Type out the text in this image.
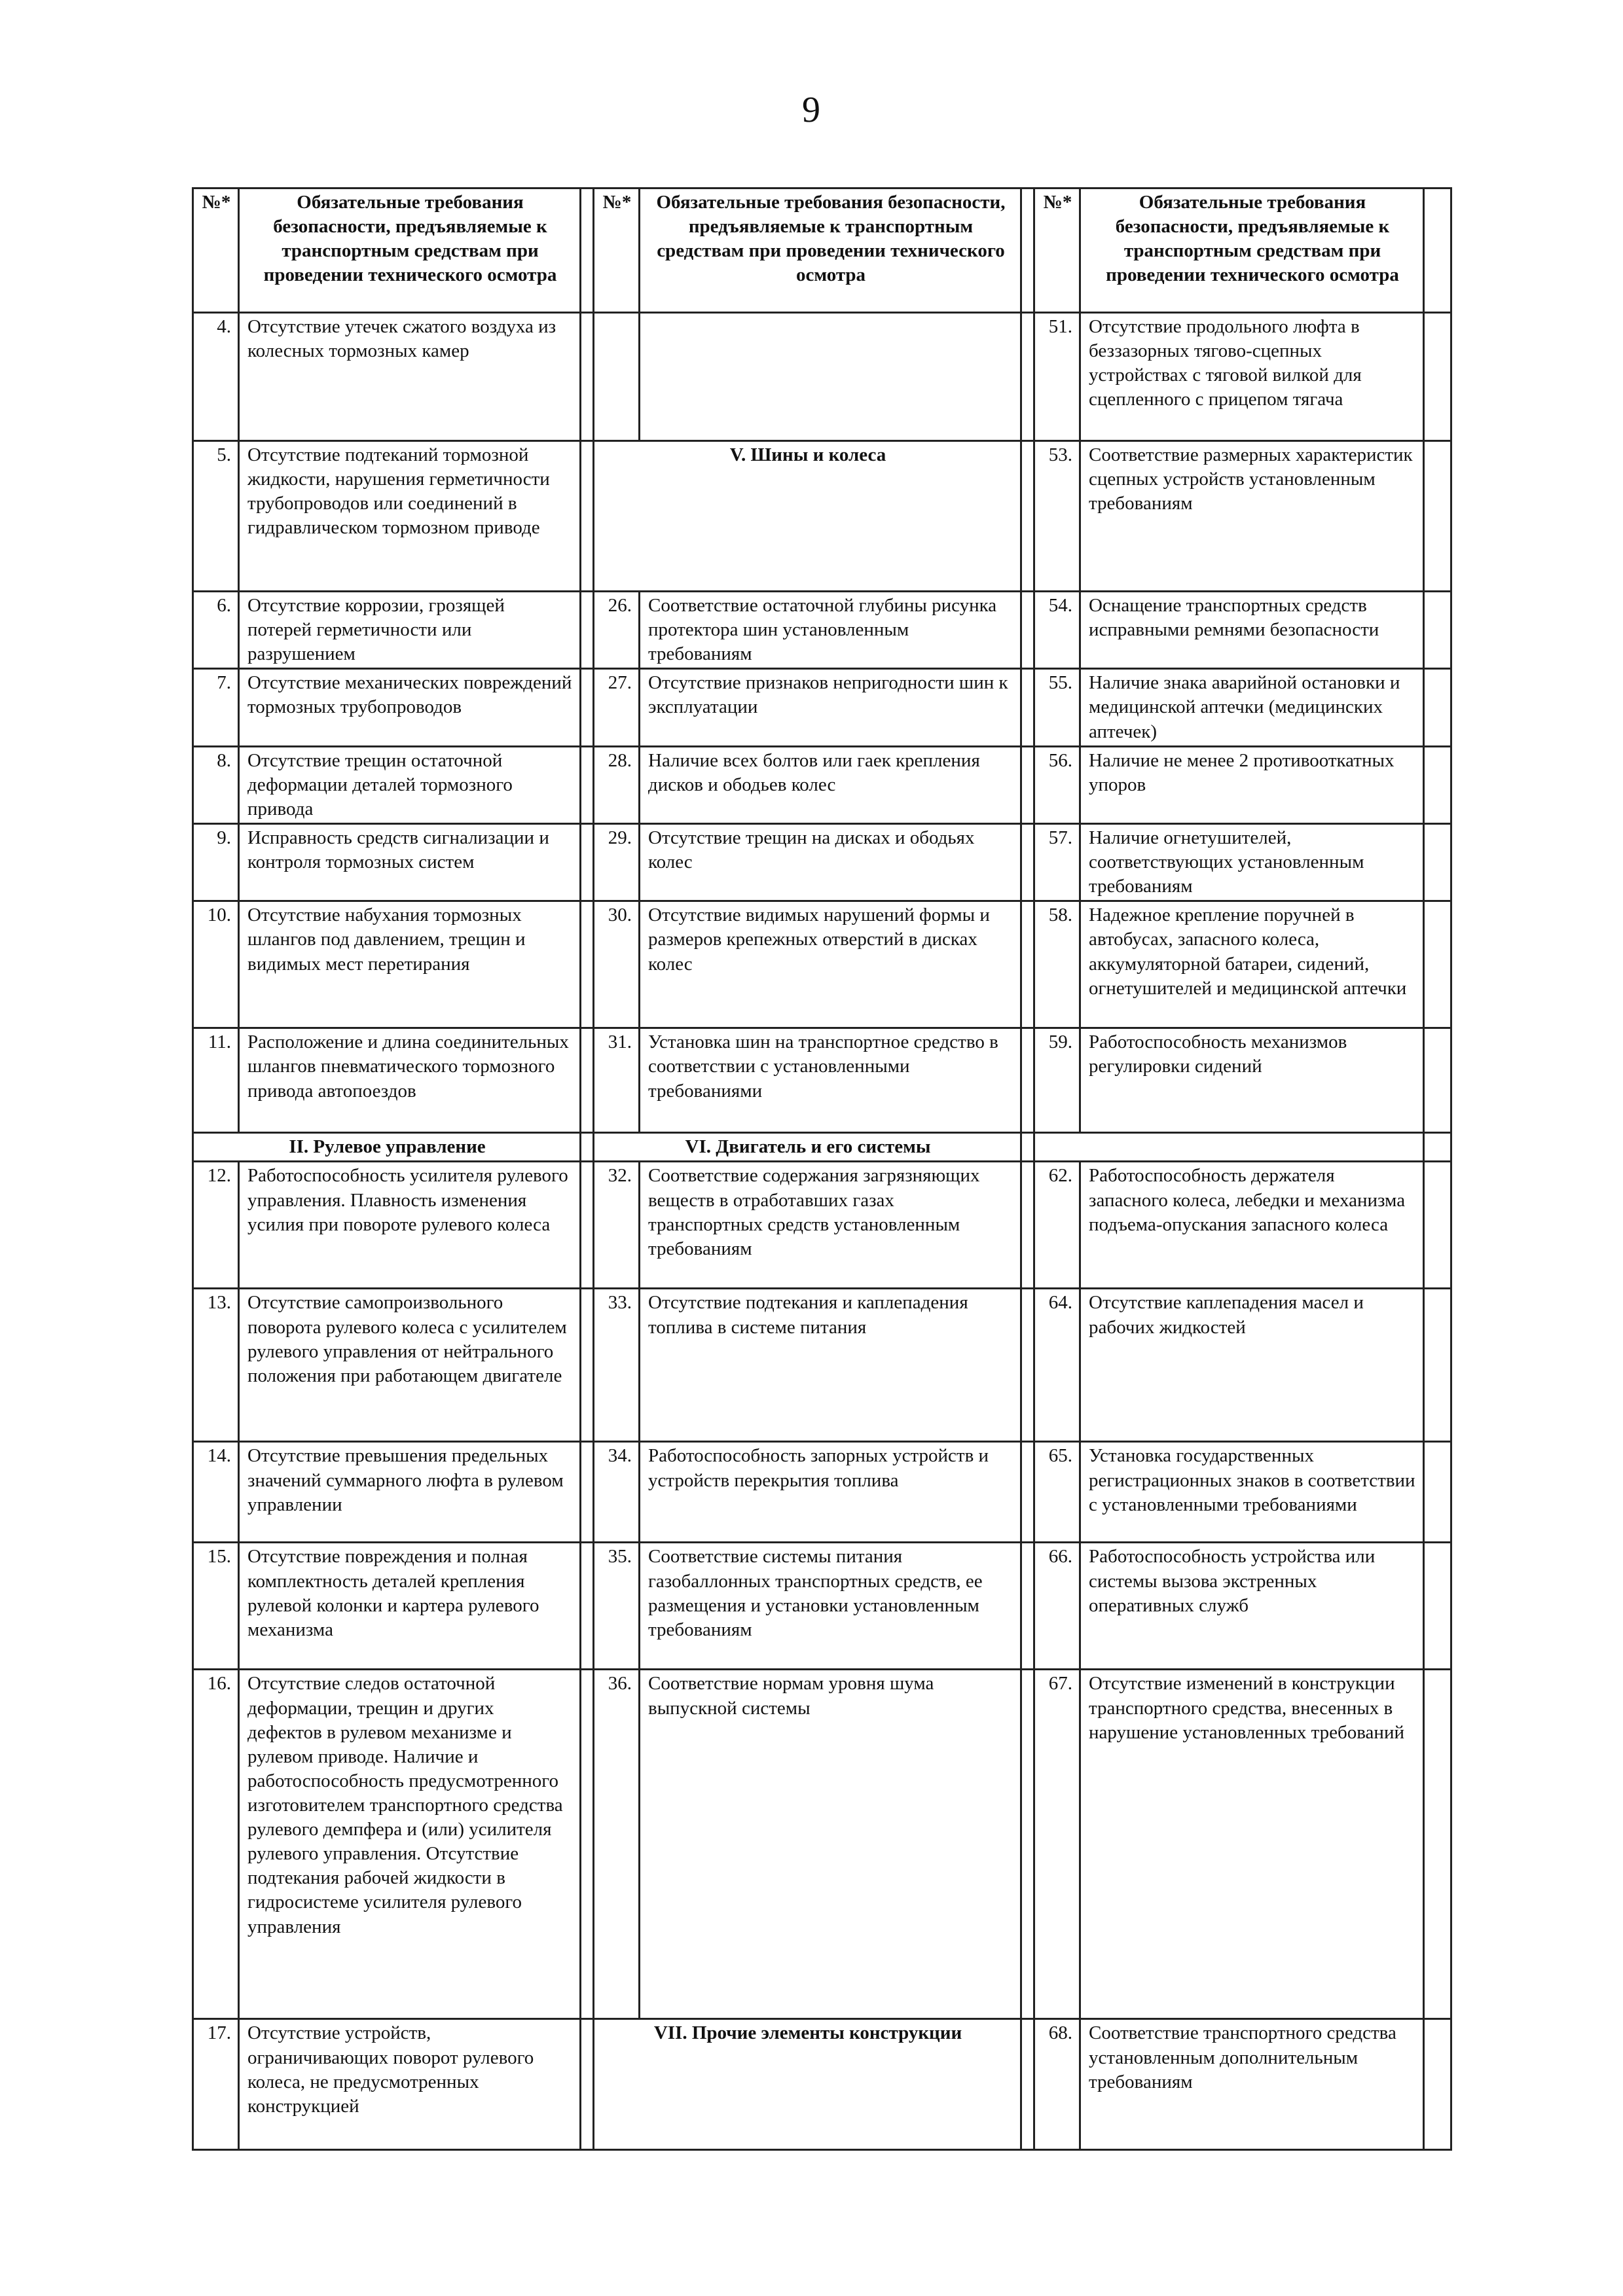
9
№*	Обязательные требования безопасности, предъявляемые к транспортным средствам при проведении технического осмотра		№*	Обязательные требования безопасности, предъявляемые к транспортным средствам при проведении технического осмотра		№*	Обязательные требования безопасности, предъявляемые к транспортным средствам при проведении технического осмотра	
4.	Отсутствие утечек сжатого воздуха из колесных тормозных камер					51.	Отсутствие продольного люфта в беззазорных тягово-сцепных устройствах с тяговой вилкой для сцепленного с прицепом тягача	
5.	Отсутствие подтеканий тормозной жидкости, нарушения герметичности трубопроводов или соединений в гидравлическом тормозном приводе		V. Шины и колеса			53.	Соответствие размерных характеристик сцепных устройств установленным требованиям	
6.	Отсутствие коррозии, грозящей потерей герметичности или разрушением		26.	Соответствие остаточной глубины рисунка протектора шин установленным требованиям		54.	Оснащение транспортных средств исправными ремнями безопасности	
7.	Отсутствие механических повреждений тормозных трубопроводов		27.	Отсутствие признаков непригодности шин к эксплуатации		55.	Наличие знака аварийной остановки и медицинской аптечки (медицинских аптечек)	
8.	Отсутствие трещин остаточной деформации деталей тормозного привода		28.	Наличие всех болтов или гаек крепления дисков и ободьев колес		56.	Наличие не менее 2 противооткатных упоров	
9.	Исправность средств сигнализации и контроля тормозных систем		29.	Отсутствие трещин на дисках и ободьях колес		57.	Наличие огнетушителей, соответствующих установленным требованиям	
10.	Отсутствие набухания тормозных шлангов под давлением, трещин и видимых мест перетирания		30.	Отсутствие видимых нарушений формы и размеров крепежных отверстий в дисках колес		58.	Надежное крепление поручней в автобусах, запасного колеса, аккумуляторной батареи, сидений, огнетушителей и медицинской аптечки	
11.	Расположение и длина соединительных шлангов пневматического тормозного привода автопоездов		31.	Установка шин на транспортное средство в соответствии с установленными требованиями		59.	Работоспособность механизмов регулировки сидений	
II. Рулевое управление			VI. Двигатель и его системы					
12.	Работоспособность усилителя рулевого управления. Плавность изменения усилия при повороте рулевого колеса		32.	Соответствие содержания загрязняющих веществ в отработавших газах транспортных средств установленным требованиям		62.	Работоспособность держателя запасного колеса, лебедки и механизма подъема-опускания запасного колеса	
13.	Отсутствие самопроизвольного поворота рулевого колеса с усилителем рулевого управления от нейтрального положения при работающем двигателе		33.	Отсутствие подтекания и каплепадения топлива в системе питания		64.	Отсутствие каплепадения масел и рабочих жидкостей	
14.	Отсутствие превышения предельных значений суммарного люфта в рулевом управлении		34.	Работоспособность запорных устройств и устройств перекрытия топлива		65.	Установка государственных регистрационных знаков в соответствии с установленными требованиями	
15.	Отсутствие повреждения и полная комплектность деталей крепления рулевой колонки и картера рулевого механизма		35.	Соответствие системы питания газобаллонных транспортных средств, ее размещения и установки установленным требованиям		66.	Работоспособность устройства или системы вызова экстренных оперативных служб	
16.	Отсутствие следов остаточной деформации, трещин и других дефектов в рулевом механизме и рулевом приводе. Наличие и работоспособность предусмотренного изготовителем транспортного средства рулевого демпфера и (или) усилителя рулевого управления. Отсутствие подтекания рабочей жидкости в гидросистеме усилителя рулевого управления		36.	Соответствие нормам уровня шума выпускной системы		67.	Отсутствие изменений в конструкции транспортного средства, внесенных в нарушение установленных требований	
17.	Отсутствие устройств, ограничивающих поворот рулевого колеса, не предусмотренных конструкцией		VII. Прочие элементы конструкции			68.	Соответствие транспортного средства установленным дополнительным требованиям	
